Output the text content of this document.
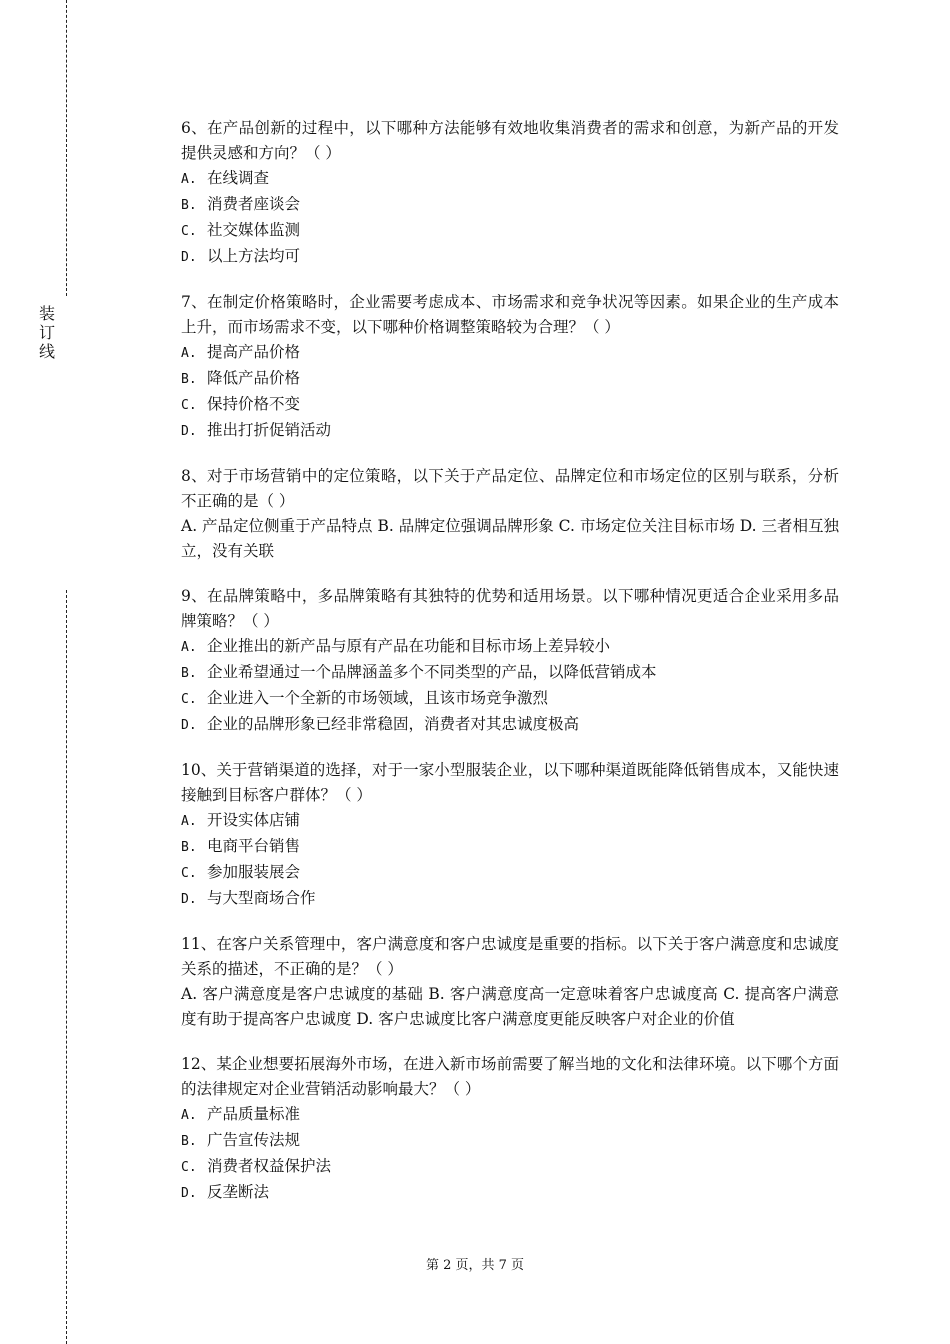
装
订
线

6、在产品创新的过程中，以下哪种方法能够有效地收集消费者的需求和创意，为新产品的开发提供灵感和方向？（ ）

A. 在线调查

B. 消费者座谈会

C. 社交媒体监测

D. 以上方法均可

7、在制定价格策略时，企业需要考虑成本、市场需求和竞争状况等因素。如果企业的生产成本上升，而市场需求不变，以下哪种价格调整策略较为合理？（ ）

A. 提高产品价格

B. 降低产品价格

C. 保持价格不变

D. 推出打折促销活动

8、对于市场营销中的定位策略，以下关于产品定位、品牌定位和市场定位的区别与联系，分析不正确的是（ ）

A. 产品定位侧重于产品特点 B. 品牌定位强调品牌形象 C. 市场定位关注目标市场 D. 三者相互独立，没有关联

9、在品牌策略中，多品牌策略有其独特的优势和适用场景。以下哪种情况更适合企业采用多品牌策略？（ ）

A. 企业推出的新产品与原有产品在功能和目标市场上差异较小

B. 企业希望通过一个品牌涵盖多个不同类型的产品，以降低营销成本

C. 企业进入一个全新的市场领域，且该市场竞争激烈

D. 企业的品牌形象已经非常稳固，消费者对其忠诚度极高

10、关于营销渠道的选择，对于一家小型服装企业，以下哪种渠道既能降低销售成本，又能快速接触到目标客户群体？（ ）

A. 开设实体店铺

B. 电商平台销售

C. 参加服装展会

D. 与大型商场合作

11、在客户关系管理中，客户满意度和客户忠诚度是重要的指标。以下关于客户满意度和忠诚度关系的描述，不正确的是？（ ）

A. 客户满意度是客户忠诚度的基础 B. 客户满意度高一定意味着客户忠诚度高 C. 提高客户满意度有助于提高客户忠诚度 D. 客户忠诚度比客户满意度更能反映客户对企业的价值

12、某企业想要拓展海外市场，在进入新市场前需要了解当地的文化和法律环境。以下哪个方面的法律规定对企业营销活动影响最大？（ ）

A. 产品质量标准

B. 广告宣传法规

C. 消费者权益保护法

D. 反垄断法

第 2 页，共 7 页
